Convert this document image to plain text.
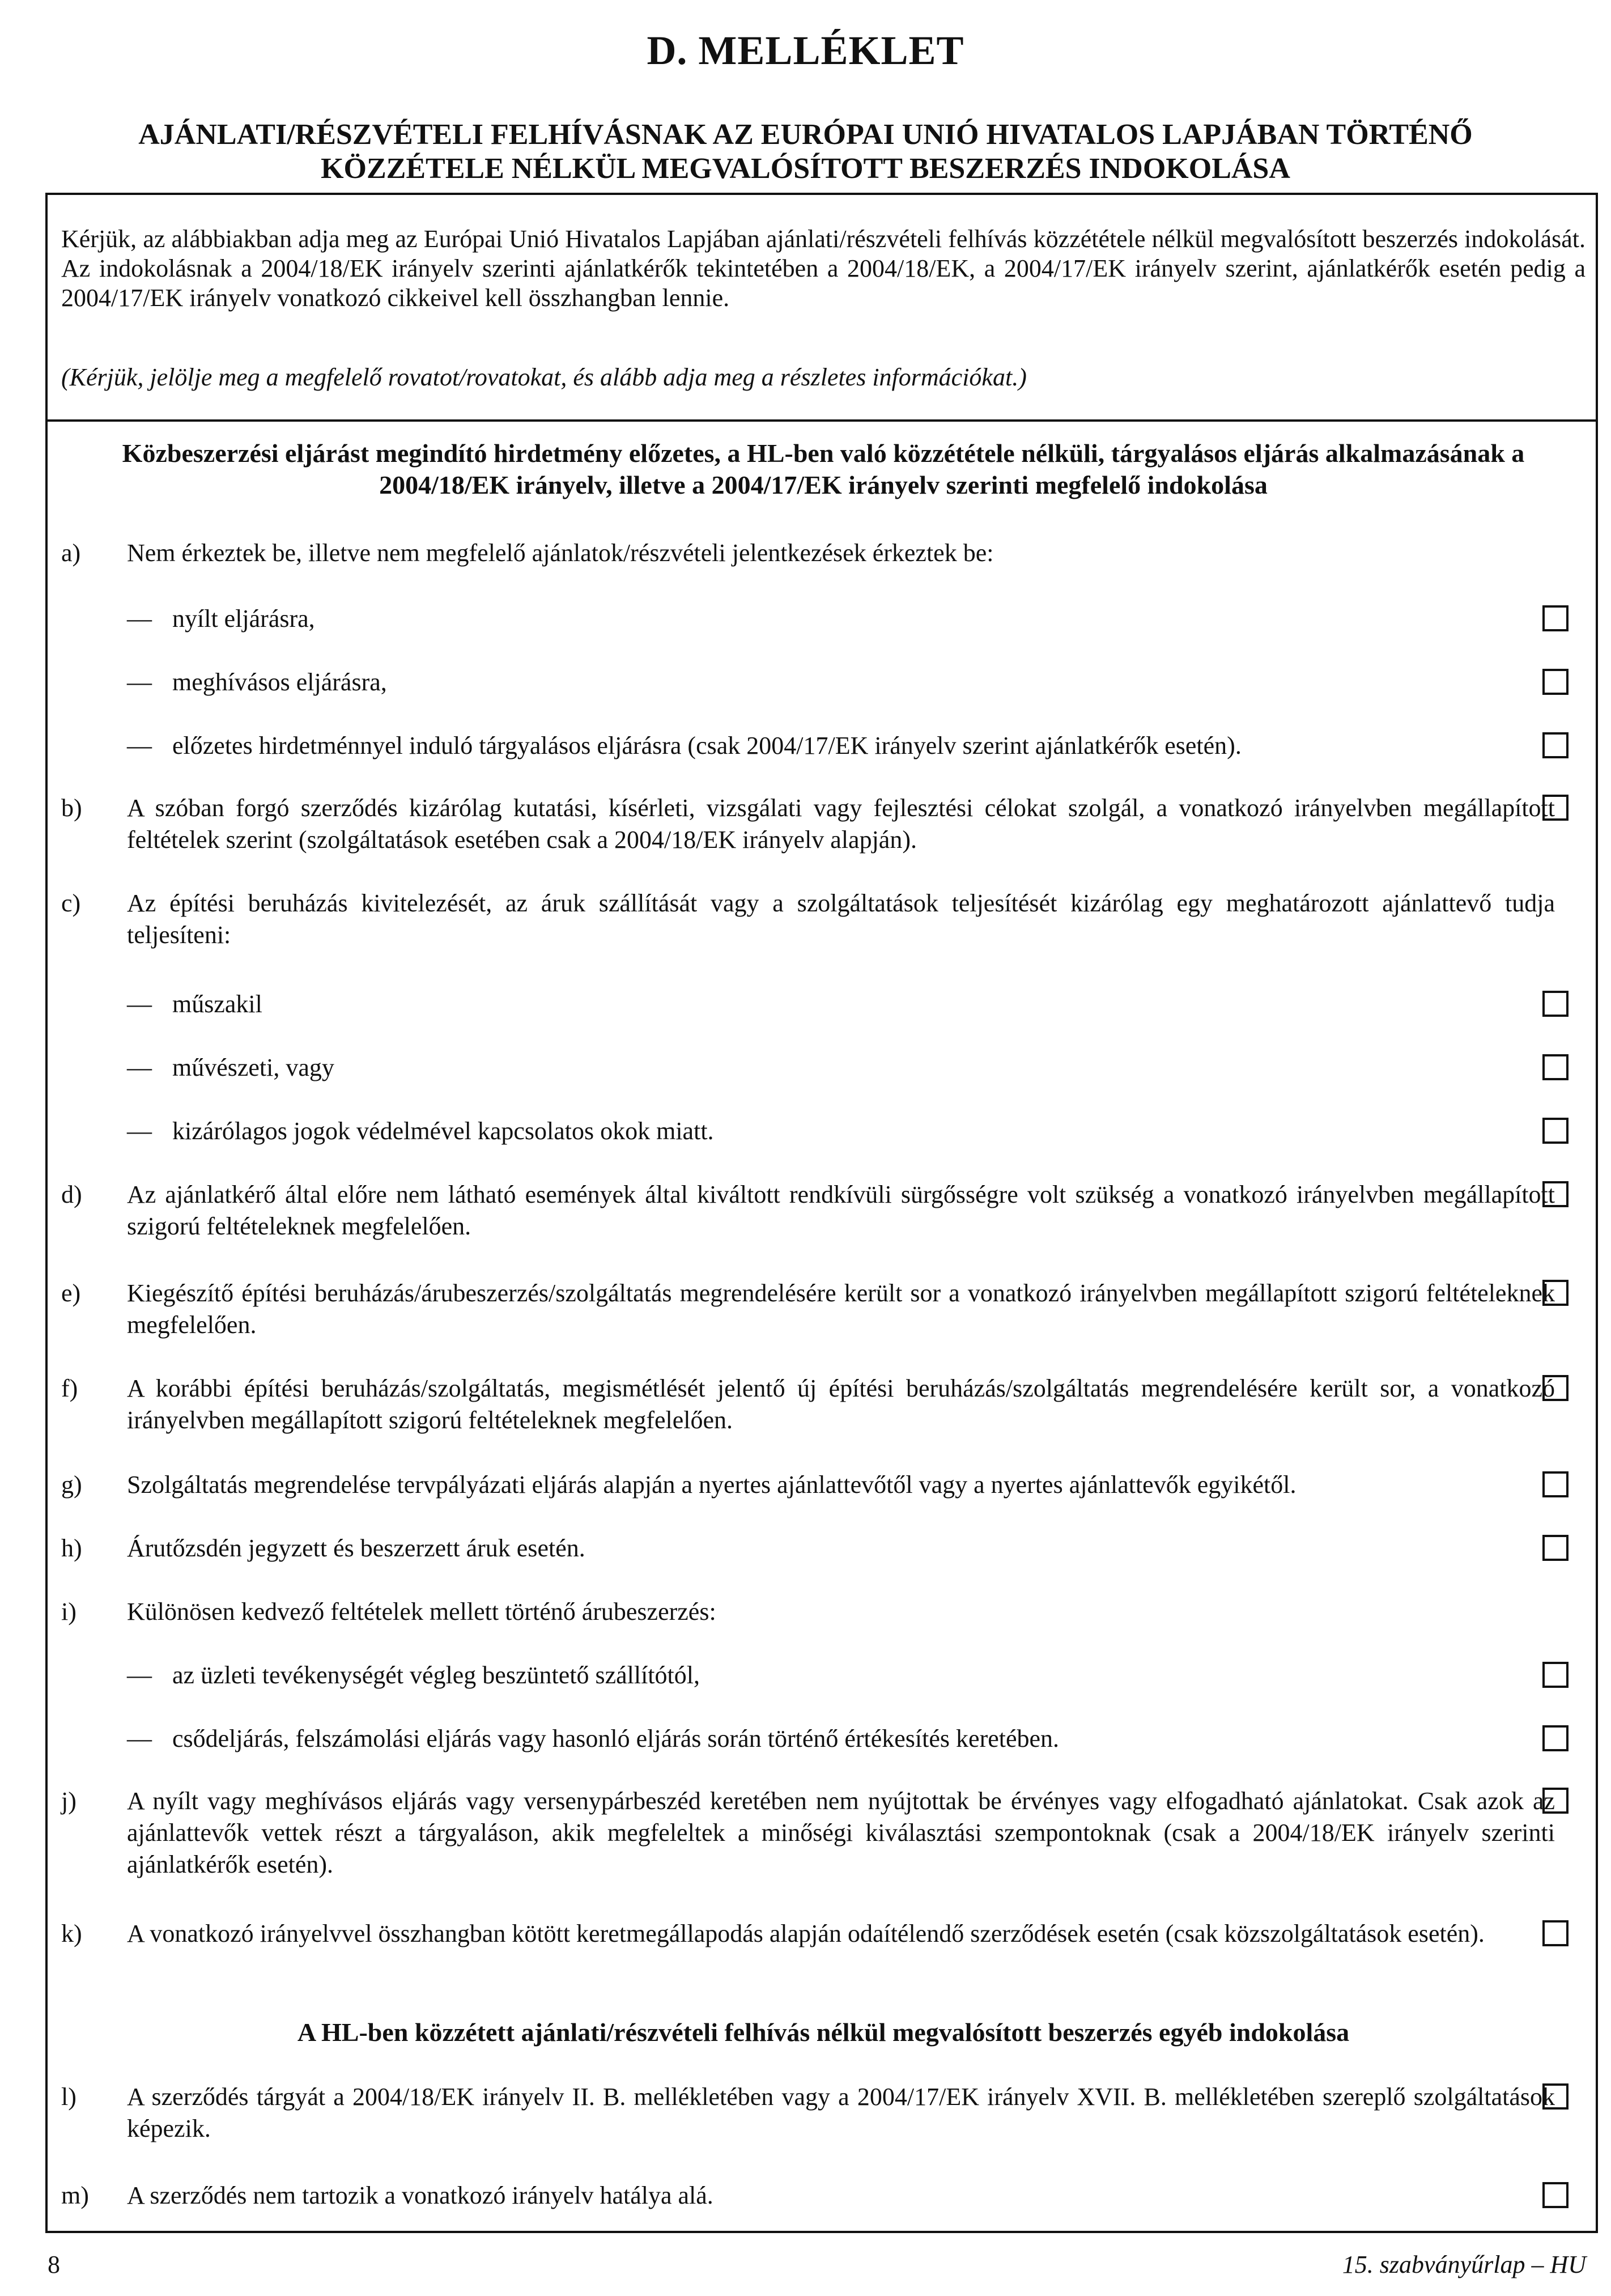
D. MELLÉKLET
AJÁNLATI/RÉSZVÉTELI FELHÍVÁSNAK AZ EURÓPAI UNIÓ HIVATALOS LAPJÁBAN TÖRTÉNŐ
KÖZZÉTELE NÉLKÜL MEGVALÓSÍTOTT BESZERZÉS INDOKOLÁSA
Kérjük, az alábbiakban adja meg az Európai Unió Hivatalos Lapjában ajánlati/részvételi felhívás közzététele nélkül megvalósított beszerzés indokolását. Az indokolásnak a 2004/18/EK irányelv szerinti ajánlatkérők tekintetében a 2004/18/EK, a 2004/17/EK irányelv szerint, ajánlatkérők esetén pedig a 2004/17/EK irányelv vonatkozó cikkeivel kell összhangban lennie.
(Kérjük, jelölje meg a megfelelő rovatot/rovatokat, és alább adja meg a részletes információkat.)
Közbeszerzési eljárást megindító hirdetmény előzetes, a HL-ben való közzététele nélküli, tárgyalásos eljárás alkalmazásának a 2004/18/EK irányelv, illetve a 2004/17/EK irányelv szerinti megfelelő indokolása
a) Nem érkeztek be, illetve nem megfelelő ajánlatok/részvételi jelentkezések érkeztek be:
— nyílt eljárásra,
— meghívásos eljárásra,
— előzetes hirdetménnyel induló tárgyalásos eljárásra (csak 2004/17/EK irányelv szerint ajánlatkérők esetén).
b) A szóban forgó szerződés kizárólag kutatási, kísérleti, vizsgálati vagy fejlesztési célokat szolgál, a vonatkozó irányelvben megállapított feltételek szerint (szolgáltatások esetében csak a 2004/18/EK irányelv alapján).
c) Az építési beruházás kivitelezését, az áruk szállítását vagy a szolgáltatások teljesítését kizárólag egy meghatározott ajánlattevő tudja teljesíteni:
— műszakil
— művészeti, vagy
— kizárólagos jogok védelmével kapcsolatos okok miatt.
d) Az ajánlatkérő által előre nem látható események által kiváltott rendkívüli sürgősségre volt szükség a vonatkozó irányelvben megállapított szigorú feltételeknek megfelelően.
e) Kiegészítő építési beruházás/árubeszerzés/szolgáltatás megrendelésére került sor a vonatkozó irányelvben megállapított szigorú feltételeknek megfelelően.
f) A korábbi építési beruházás/szolgáltatás, megismétlését jelentő új építési beruházás/szolgáltatás megrendelésére került sor, a vonatkozó irányelvben megállapított szigorú feltételeknek megfelelően.
g) Szolgáltatás megrendelése tervpályázati eljárás alapján a nyertes ajánlattevőtől vagy a nyertes ajánlattevők egyikétől.
h) Árutőzsdén jegyzett és beszerzett áruk esetén.
i) Különösen kedvező feltételek mellett történő árubeszerzés:
— az üzleti tevékenységét végleg beszüntető szállítótól,
— csődeljárás, felszámolási eljárás vagy hasonló eljárás során történő értékesítés keretében.
j) A nyílt vagy meghívásos eljárás vagy versenypárbeszéd keretében nem nyújtottak be érvényes vagy elfogadható ajánlatokat. Csak azok az ajánlattevők vettek részt a tárgyaláson, akik megfeleltek a minőségi kiválasztási szempontoknak (csak a 2004/18/EK irányelv szerinti ajánlatkérők esetén).
k) A vonatkozó irányelvvel összhangban kötött keretmegállapodás alapján odaítélendő szerződések esetén (csak közszolgáltatások esetén).
A HL-ben közzétett ajánlati/részvételi felhívás nélkül megvalósított beszerzés egyéb indokolása
l) A szerződés tárgyát a 2004/18/EK irányelv II. B. mellékletében vagy a 2004/17/EK irányelv XVII. B. mellékletében szereplő szolgáltatások képezik.
m) A szerződés nem tartozik a vonatkozó irányelv hatálya alá.
8	15. szabványűrlap – HU
